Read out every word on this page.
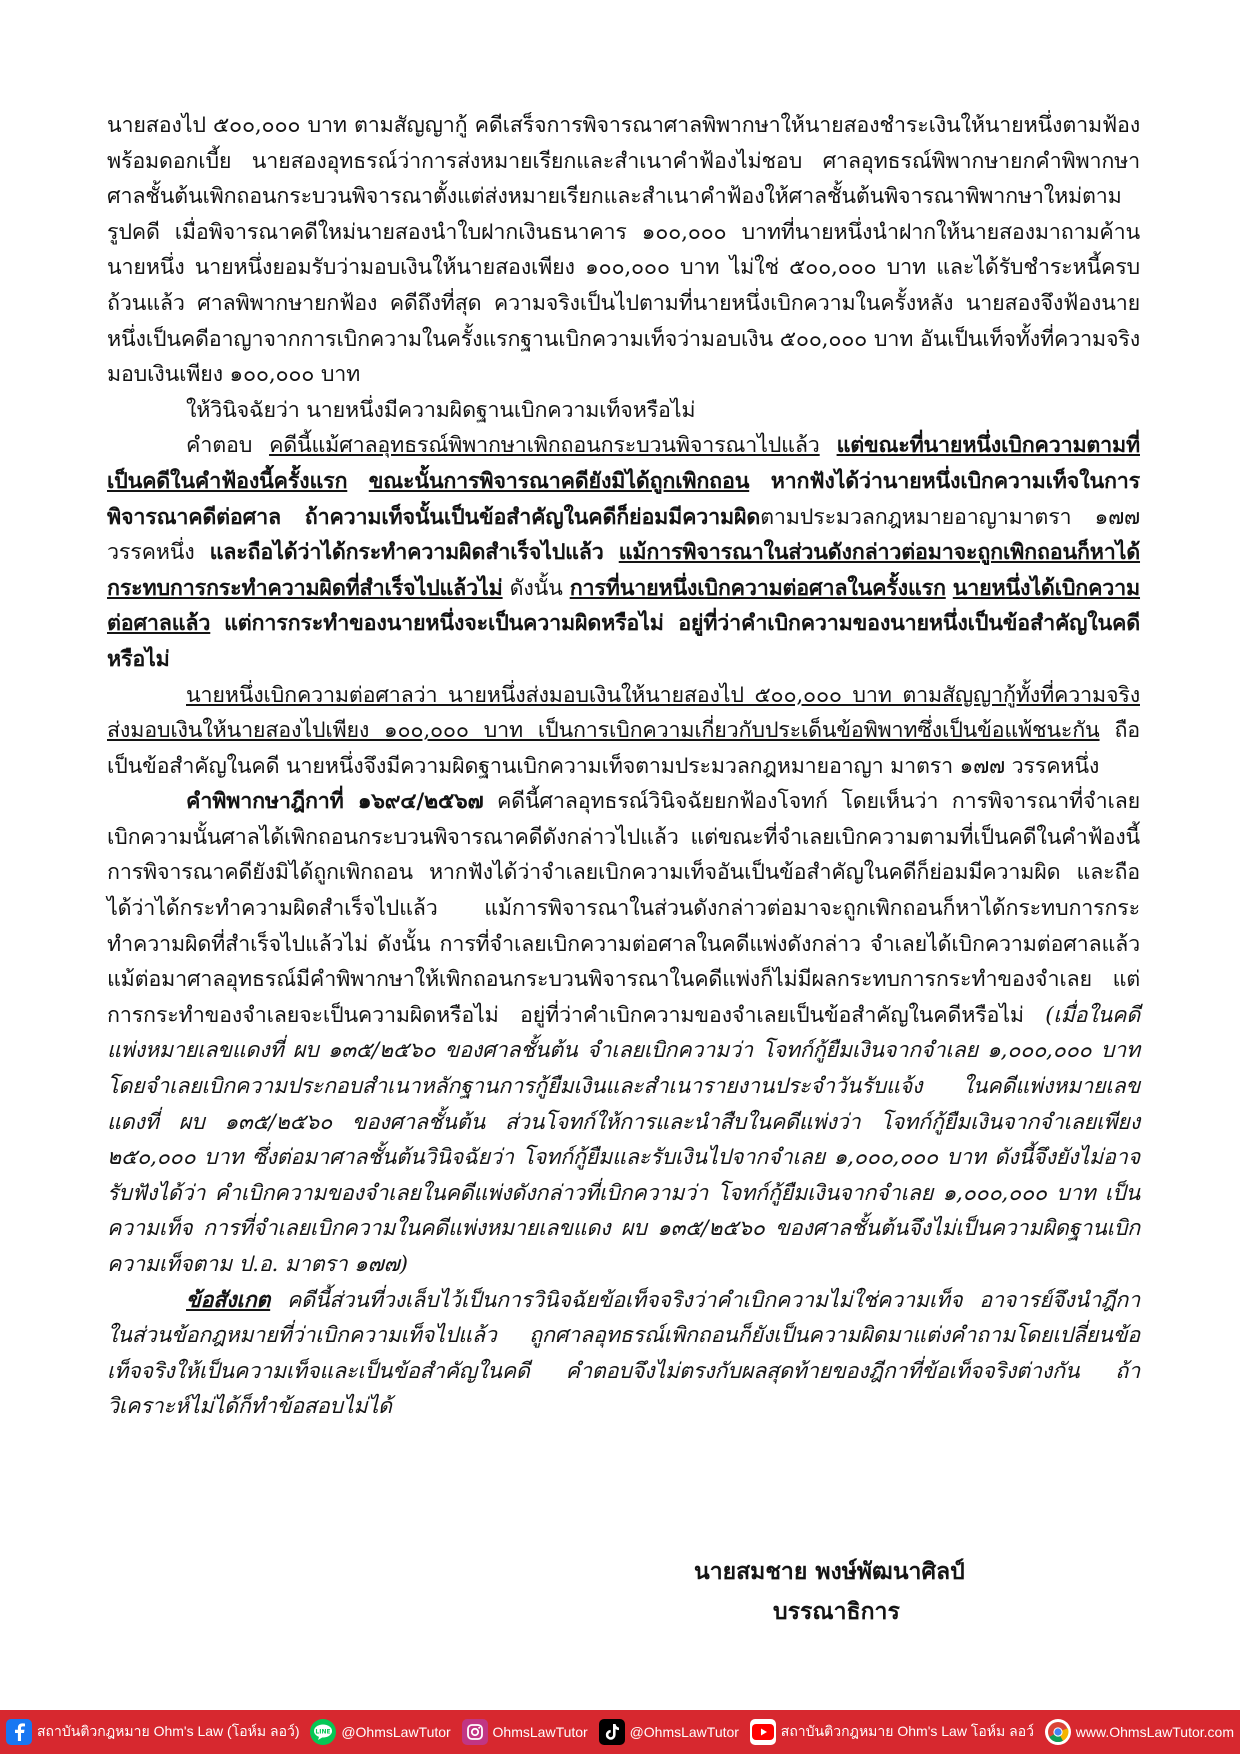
นายสองไป ๕๐๐,๐๐๐ บาท ตามสัญญากู้ คดีเสร็จการพิจารณาศาลพิพากษาให้นายสองชำระเงินให้นายหนึ่งตามฟ้องพร้อมดอกเบี้ย นายสองอุทธรณ์ว่าการส่งหมายเรียกและสำเนาคำฟ้องไม่ชอบ ศาลอุทธรณ์พิพากษายกคำพิพากษาศาลชั้นต้นเพิกถอนกระบวนพิจารณาตั้งแต่ส่งหมายเรียกและสำเนาคำฟ้องให้ศาลชั้นต้นพิจารณาพิพากษาใหม่ตามรูปคดี เมื่อพิจารณาคดีใหม่นายสองนำใบฝากเงินธนาคาร ๑๐๐,๐๐๐ บาทที่นายหนึ่งนำฝากให้นายสองมาถามค้านนายหนึ่ง นายหนึ่งยอมรับว่ามอบเงินให้นายสองเพียง ๑๐๐,๐๐๐ บาท ไม่ใช่ ๕๐๐,๐๐๐ บาท และได้รับชำระหนี้ครบถ้วนแล้ว ศาลพิพากษายกฟ้อง คดีถึงที่สุด ความจริงเป็นไปตามที่นายหนึ่งเบิกความในครั้งหลัง นายสองจึงฟ้องนายหนึ่งเป็นคดีอาญาจากการเบิกความในครั้งแรกฐานเบิกความเท็จว่ามอบเงิน ๕๐๐,๐๐๐ บาท อันเป็นเท็จทั้งที่ความจริงมอบเงินเพียง ๑๐๐,๐๐๐ บาท

ให้วินิจฉัยว่า นายหนึ่งมีความผิดฐานเบิกความเท็จหรือไม่

คำตอบ คดีนี้แม้ศาลอุทธรณ์พิพากษาเพิกถอนกระบวนพิจารณาไปแล้ว แต่ขณะที่นายหนึ่งเบิกความตามที่เป็นคดีในคำฟ้องนี้ครั้งแรก ขณะนั้นการพิจารณาคดียังมิได้ถูกเพิกถอน หากฟังได้ว่านายหนึ่งเบิกความเท็จในการพิจารณาคดีต่อศาล ถ้าความเท็จนั้นเป็นข้อสำคัญในคดีก็ย่อมมีความผิดตามประมวลกฎหมายอาญามาตรา ๑๗๗ วรรคหนึ่ง และถือได้ว่าได้กระทำความผิดสำเร็จไปแล้ว แม้การพิจารณาในส่วนดังกล่าวต่อมาจะถูกเพิกถอนก็หาได้กระทบการกระทำความผิดที่สำเร็จไปแล้วไม่ ดังนั้น การที่นายหนึ่งเบิกความต่อศาลในครั้งแรก นายหนึ่งได้เบิกความต่อศาลแล้ว แต่การกระทำของนายหนึ่งจะเป็นความผิดหรือไม่ อยู่ที่ว่าคำเบิกความของนายหนึ่งเป็นข้อสำคัญในคดีหรือไม่

นายหนึ่งเบิกความต่อศาลว่า นายหนึ่งส่งมอบเงินให้นายสองไป ๕๐๐,๐๐๐ บาท ตามสัญญากู้ทั้งที่ความจริงส่งมอบเงินให้นายสองไปเพียง ๑๐๐,๐๐๐ บาท เป็นการเบิกความเกี่ยวกับประเด็นข้อพิพาทซึ่งเป็นข้อแพ้ชนะกัน ถือเป็นข้อสำคัญในคดี นายหนึ่งจึงมีความผิดฐานเบิกความเท็จตามประมวลกฎหมายอาญา มาตรา ๑๗๗ วรรคหนึ่ง

คำพิพากษาฎีกาที่ ๑๖๙๔/๒๕๖๗ คดีนี้ศาลอุทธรณ์วินิจฉัยยกฟ้องโจทก์ โดยเห็นว่า การพิจารณาที่จำเลยเบิกความนั้นศาลได้เพิกถอนกระบวนพิจารณาคดีดังกล่าวไปแล้ว แต่ขณะที่จำเลยเบิกความตามที่เป็นคดีในคำฟ้องนี้การพิจารณาคดียังมิได้ถูกเพิกถอน หากฟังได้ว่าจำเลยเบิกความเท็จอันเป็นข้อสำคัญในคดีก็ย่อมมีความผิด และถือได้ว่าได้กระทำความผิดสำเร็จไปแล้ว แม้การพิจารณาในส่วนดังกล่าวต่อมาจะถูกเพิกถอนก็หาได้กระทบการกระทำความผิดที่สำเร็จไปแล้วไม่ ดังนั้น การที่จำเลยเบิกความต่อศาลในคดีแพ่งดังกล่าว จำเลยได้เบิกความต่อศาลแล้วแม้ต่อมาศาลอุทธรณ์มีคำพิพากษาให้เพิกถอนกระบวนพิจารณาในคดีแพ่งก็ไม่มีผลกระทบการกระทำของจำเลย แต่การกระทำของจำเลยจะเป็นความผิดหรือไม่ อยู่ที่ว่าคำเบิกความของจำเลยเป็นข้อสำคัญในคดีหรือไม่ (เมื่อในคดีแพ่งหมายเลขแดงที่ ผบ ๑๓๕/๒๕๖๐ ของศาลชั้นต้น จำเลยเบิกความว่า โจทก์กู้ยืมเงินจากจำเลย ๑,๐๐๐,๐๐๐ บาท โดยจำเลยเบิกความประกอบสำเนาหลักฐานการกู้ยืมเงินและสำเนารายงานประจำวันรับแจ้ง ในคดีแพ่งหมายเลขแดงที่ ผบ ๑๓๕/๒๕๖๐ ของศาลชั้นต้น ส่วนโจทก์ให้การและนำสืบในคดีแพ่งว่า โจทก์กู้ยืมเงินจากจำเลยเพียง ๒๕๐,๐๐๐ บาท ซึ่งต่อมาศาลชั้นต้นวินิจฉัยว่า โจทก์กู้ยืมและรับเงินไปจากจำเลย ๑,๐๐๐,๐๐๐ บาท ดังนี้จึงยังไม่อาจรับฟังได้ว่า คำเบิกความของจำเลยในคดีแพ่งดังกล่าวที่เบิกความว่า โจทก์กู้ยืมเงินจากจำเลย ๑,๐๐๐,๐๐๐ บาท เป็นความเท็จ การที่จำเลยเบิกความในคดีแพ่งหมายเลขแดง ผบ ๑๓๕/๒๕๖๐ ของศาลชั้นต้นจึงไม่เป็นความผิดฐานเบิกความเท็จตาม ป.อ. มาตรา ๑๗๗)

ข้อสังเกต คดีนี้ส่วนที่วงเล็บไว้เป็นการวินิจฉัยข้อเท็จจริงว่าคำเบิกความไม่ใช่ความเท็จ อาจารย์จึงนำฎีกาในส่วนข้อกฎหมายที่ว่าเบิกความเท็จไปแล้ว ถูกศาลอุทธรณ์เพิกถอนก็ยังเป็นความผิดมาแต่งคำถามโดยเปลี่ยนข้อเท็จจริงให้เป็นความเท็จและเป็นข้อสำคัญในคดี คำตอบจึงไม่ตรงกับผลสุดท้ายของฎีกาที่ข้อเท็จจริงต่างกัน ถ้าวิเคราะห์ไม่ได้ก็ทำข้อสอบไม่ได้

นายสมชาย พงษ์พัฒนาศิลป์
บรรณาธิการ
สถาบันติวกฎหมาย Ohm's Law (โอห์ม ลอว์)	LINE @OhmsLawTutor	OhmsLawTutor	@OhmsLawTutor	สถาบันติวกฎหมาย Ohm's Law โอห์ม ลอว์	www.OhmsLawTutor.com
